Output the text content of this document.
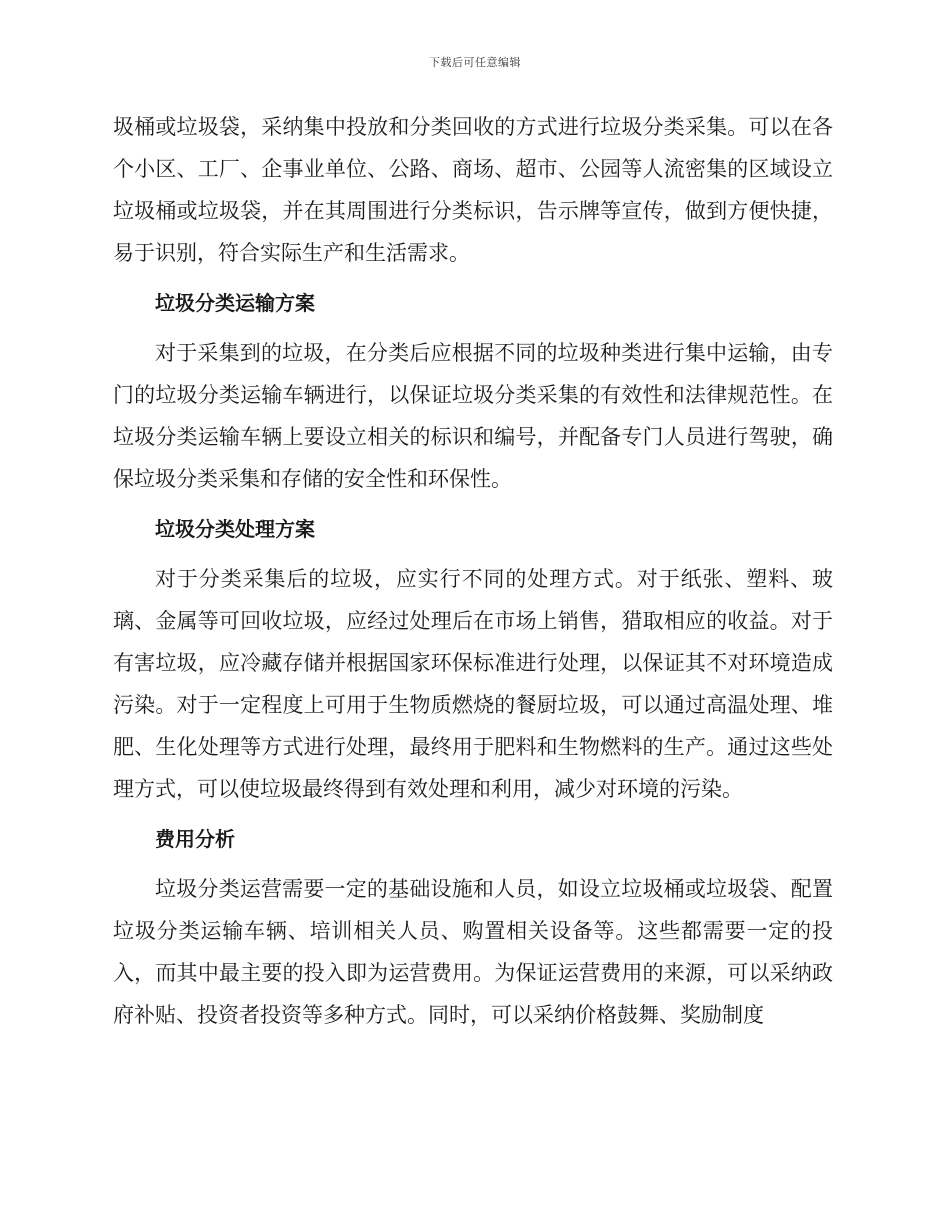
下载后可任意编辑

圾桶或垃圾袋，采纳集中投放和分类回收的方式进行垃圾分类采集。可以在各个小区、工厂、企事业单位、公路、商场、超市、公园等人流密集的区域设立垃圾桶或垃圾袋，并在其周围进行分类标识，告示牌等宣传，做到方便快捷，易于识别，符合实际生产和生活需求。

垃圾分类运输方案

对于采集到的垃圾，在分类后应根据不同的垃圾种类进行集中运输，由专门的垃圾分类运输车辆进行，以保证垃圾分类采集的有效性和法律规范性。在垃圾分类运输车辆上要设立相关的标识和编号，并配备专门人员进行驾驶，确保垃圾分类采集和存储的安全性和环保性。

垃圾分类处理方案

对于分类采集后的垃圾，应实行不同的处理方式。对于纸张、塑料、玻璃、金属等可回收垃圾，应经过处理后在市场上销售，猎取相应的收益。对于有害垃圾，应冷藏存储并根据国家环保标准进行处理，以保证其不对环境造成污染。对于一定程度上可用于生物质燃烧的餐厨垃圾，可以通过高温处理、堆肥、生化处理等方式进行处理，最终用于肥料和生物燃料的生产。通过这些处理方式，可以使垃圾最终得到有效处理和利用，减少对环境的污染。

费用分析

垃圾分类运营需要一定的基础设施和人员，如设立垃圾桶或垃圾袋、配置垃圾分类运输车辆、培训相关人员、购置相关设备等。这些都需要一定的投入，而其中最主要的投入即为运营费用。为保证运营费用的来源，可以采纳政府补贴、投资者投资等多种方式。同时，可以采纳价格鼓舞、奖励制度
